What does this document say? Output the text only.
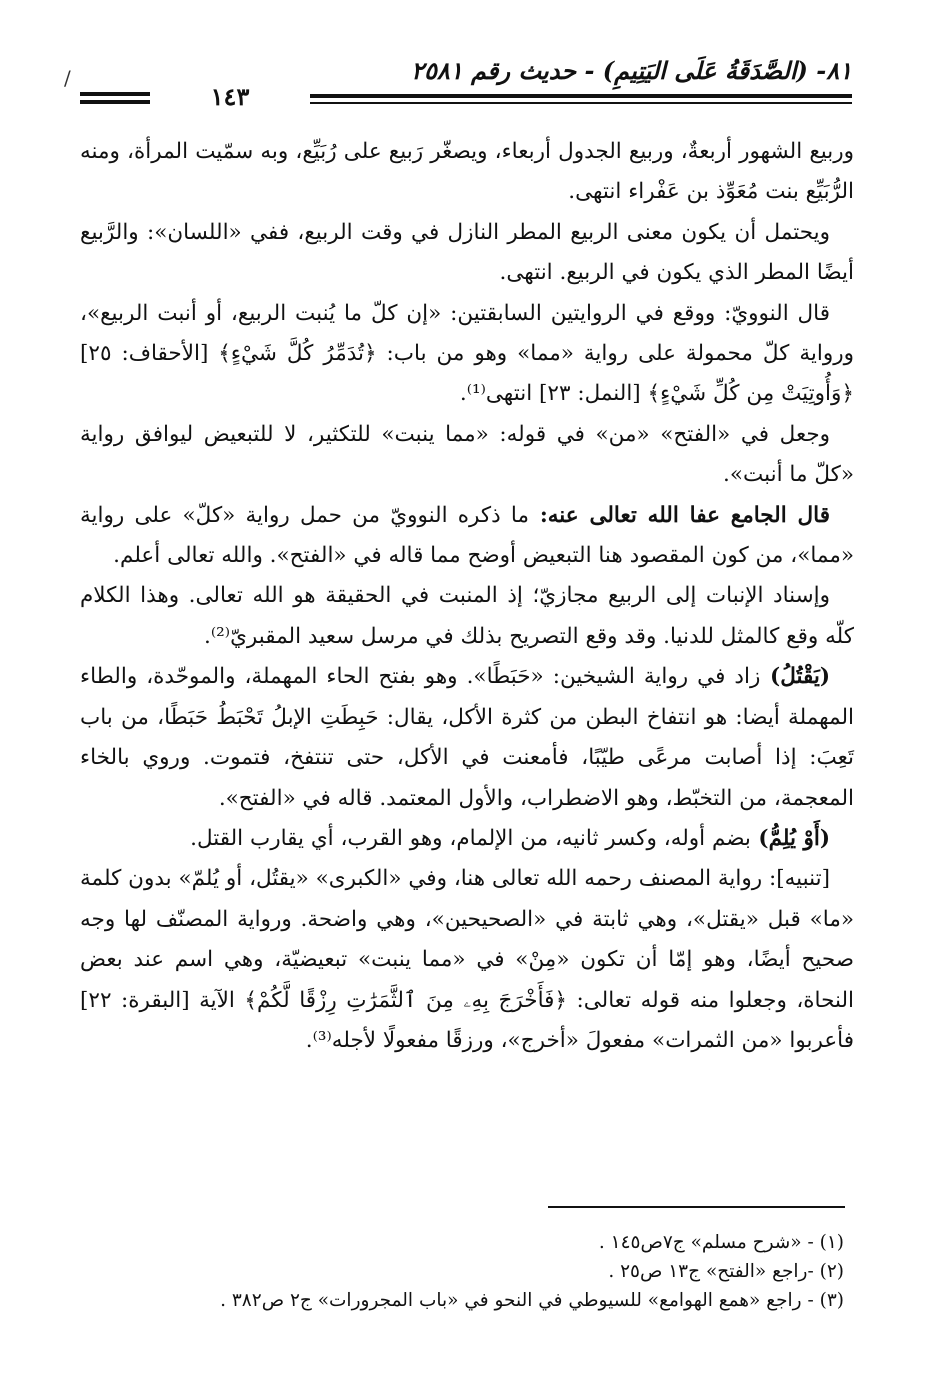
/	٨١- (الصَّدَقَةُ عَلَى اليَتِيمِ) - حديث رقم ٢٥٨١
١٤٣

وربيع الشهور أربعةٌ، وربيع الجدول أربعاء، ويصغّر رَبيع على رُبَيِّع، وبه سمّيت المرأة، ومنه الرُّبَيِّع بنت مُعَوِّذ بن عَفْراء انتهى.

ويحتمل أن يكون معنى الربيع المطر النازل في وقت الربيع، ففي «اللسان»: والرَّبيع أيضًا المطر الذي يكون في الربيع. انتهى.

قال النوويّ: ووقع في الروايتين السابقتين: «إن كلّ ما يُنبت الربيع، أو أنبت الربيع»، ورواية كلّ محمولة على رواية «مما» وهو من باب: ﴿تُدَمِّرُ كُلَّ شَيْءٍ﴾ [الأحقاف: ٢٥] ﴿وَأُوتِيَتْ مِن كُلِّ شَيْءٍ﴾ [النمل: ٢٣] انتهى⁽¹⁾.

وجعل في «الفتح» «من» في قوله: «مما ينبت» للتكثير، لا للتبعيض ليوافق رواية «كلّ ما أنبت».

قال الجامع عفا الله تعالى عنه: ما ذكره النوويّ من حمل رواية «كلّ» على رواية «مما»، من كون المقصود هنا التبعيض أوضح مما قاله في «الفتح». والله تعالى أعلم.

وإسناد الإنبات إلى الربيع مجازيّ؛ إذ المنبت في الحقيقة هو الله تعالى. وهذا الكلام كلّه وقع كالمثل للدنيا. وقد وقع التصريح بذلك في مرسل سعيد المقبريّ⁽²⁾.

(يَقْتُلُ) زاد في رواية الشيخين: «حَبَطًا». وهو بفتح الحاء المهملة، والموحّدة، والطاء المهملة أيضا: هو انتفاخ البطن من كثرة الأكل، يقال: حَبِطَتِ الإبلُ تَحْبَطُ حَبَطًا، من باب تَعِبَ: إذا أصابت مرعًى طيّبًا، فأمعنت في الأكل، حتى تنتفخ، فتموت. وروي بالخاء المعجمة، من التخبّط، وهو الاضطراب، والأول المعتمد. قاله في «الفتح».

(أَوْ يُلِمُّ) بضم أوله، وكسر ثانيه، من الإلمام، وهو القرب، أي يقارب القتل.

[تنبيه]: رواية المصنف رحمه الله تعالى هنا، وفي «الكبرى» «يقتُل، أو يُلمّ» بدون كلمة «ما» قبل «يقتل»، وهي ثابتة في «الصحيحين»، وهي واضحة. ورواية المصنّف لها وجه صحيح أيضًا، وهو إمّا أن تكون «مِنْ» في «مما ينبت» تبعيضيّة، وهي اسم عند بعض النحاة، وجعلوا منه قوله تعالى: ﴿فَأَخْرَجَ بِهِۦ مِنَ ٱلثَّمَرَٰتِ رِزْقًا لَّكُمْ﴾ الآية [البقرة: ٢٢] فأعربوا «من الثمرات» مفعولَ «أخرج»، ورزقًا مفعولًا لأجله⁽³⁾.

(١) - «شرح مسلم» ج٧ص١٤٥ .

(٢) -راجع «الفتح» ج١٣ ص٢٥ .

(٣) - راجع «همع الهوامع» للسيوطي في النحو في «باب المجرورات» ج٢ ص٣٨٢ .
